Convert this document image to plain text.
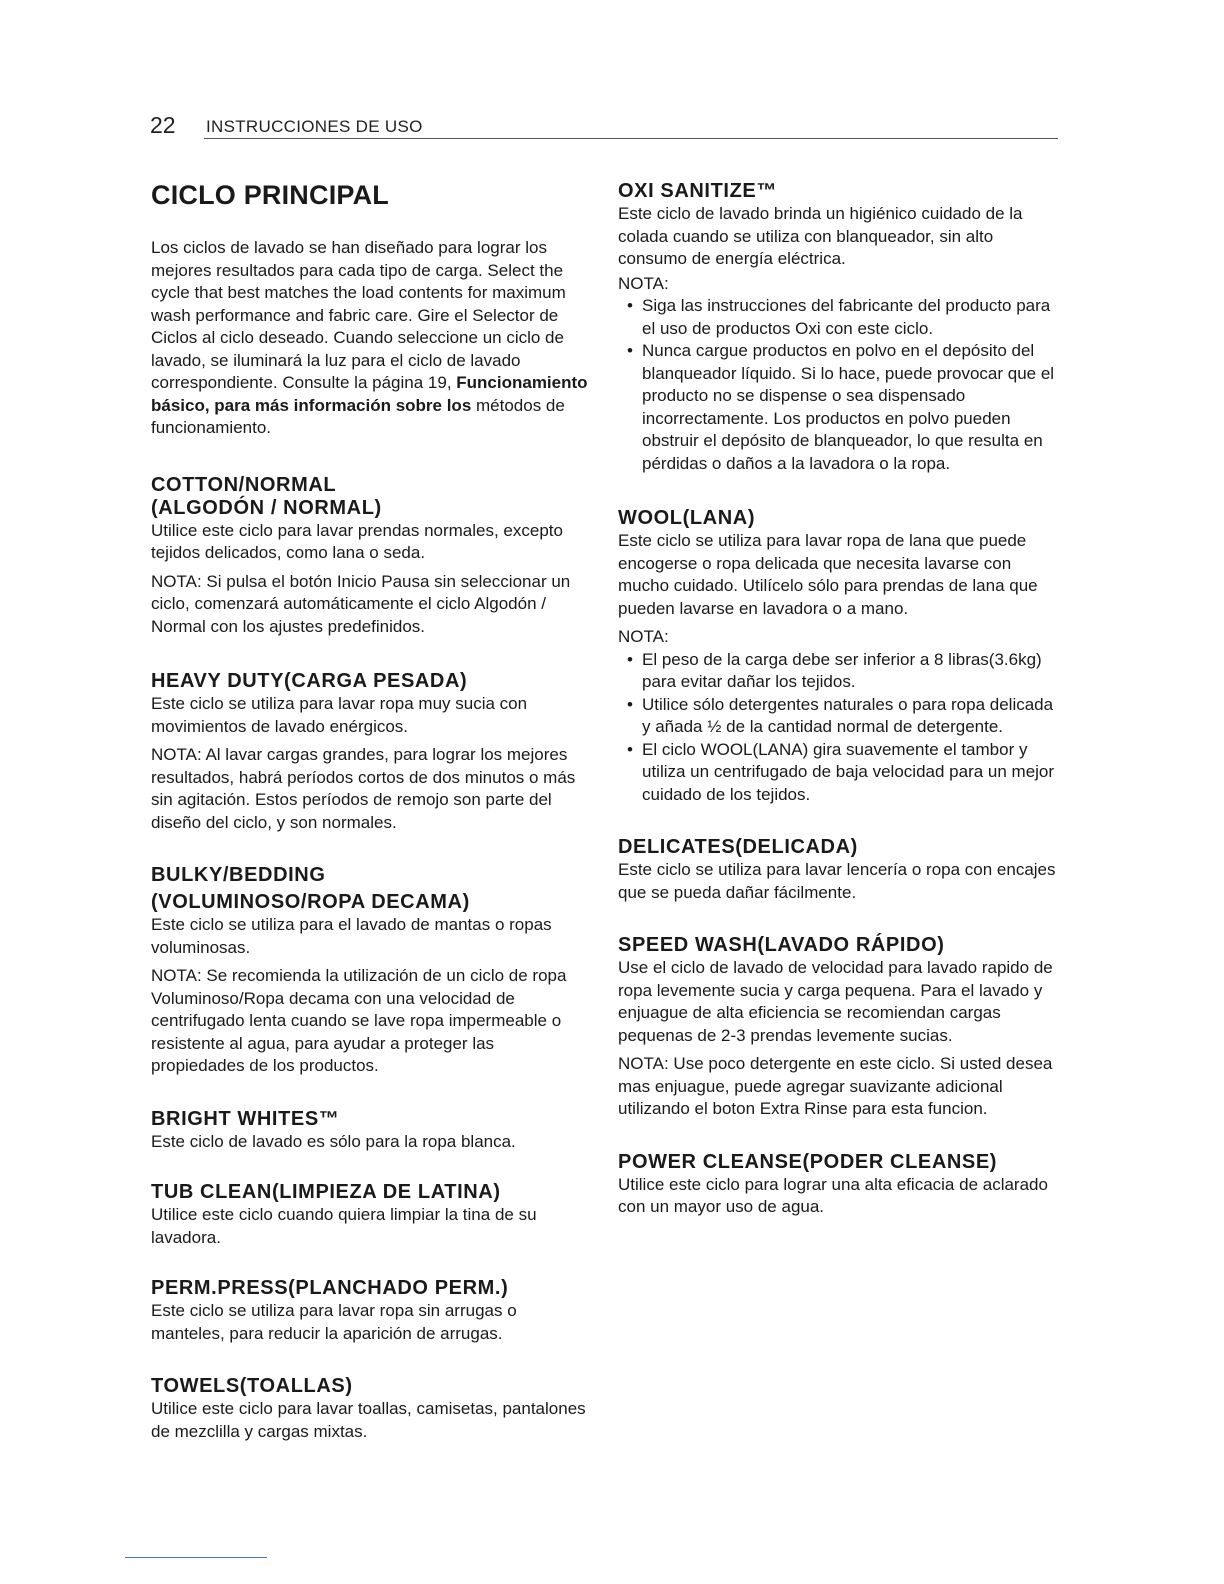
22 INSTRUCCIONES DE USO
CICLO PRINCIPAL

Los ciclos de lavado se han diseñado para lograr los mejores resultados para cada tipo de carga. Select the cycle that best matches the load contents for maximum wash performance and fabric care. Gire el Selector de Ciclos al ciclo deseado. Cuando seleccione un ciclo de lavado, se iluminará la luz para el ciclo de lavado correspondiente. Consulte la página 19, Funcionamiento básico, para más información sobre los métodos de funcionamiento.

COTTON/NORMAL
(ALGODÓN / NORMAL)

Utilice este ciclo para lavar prendas normales, excepto tejidos delicados, como lana o seda.

NOTA: Si pulsa el botón Inicio Pausa sin seleccionar un ciclo, comenzará automáticamente el ciclo Algodón / Normal con los ajustes predefinidos.

HEAVY DUTY(CARGA PESADA)

Este ciclo se utiliza para lavar ropa muy sucia con movimientos de lavado enérgicos.

NOTA: Al lavar cargas grandes, para lograr los mejores resultados, habrá períodos cortos de dos minutos o más sin agitación. Estos períodos de remojo son parte del diseño del ciclo, y son normales.

BULKY/BEDDING
(VOLUMINOSO/ROPA DECAMA)

Este ciclo se utiliza para el lavado de mantas o ropas voluminosas.

NOTA: Se recomienda la utilización de un ciclo de ropa Voluminoso/Ropa decama con una velocidad de centrifugado lenta cuando se lave ropa impermeable o resistente al agua, para ayudar a proteger las propiedades de los productos.

BRIGHT WHITES™

Este ciclo de lavado es sólo para la ropa blanca.

TUB CLEAN(LIMPIEZA DE LATINA)

Utilice este ciclo cuando quiera limpiar la tina de su lavadora.

PERM.PRESS(PLANCHADO PERM.)

Este ciclo se utiliza para lavar ropa sin arrugas o manteles, para reducir la aparición de arrugas.

TOWELS(TOALLAS)

Utilice este ciclo para lavar toallas, camisetas, pantalones de mezclilla y cargas mixtas.

OXI SANITIZE™

Este ciclo de lavado brinda un higiénico cuidado de la colada cuando se utiliza con blanqueador, sin alto consumo de energía eléctrica.

NOTA:
• Siga las instrucciones del fabricante del producto para el uso de productos Oxi con este ciclo.
• Nunca cargue productos en polvo en el depósito del blanqueador líquido. Si lo hace, puede provocar que el producto no se dispense o sea dispensado incorrectamente. Los productos en polvo pueden obstruir el depósito de blanqueador, lo que resulta en pérdidas o daños a la lavadora o la ropa.
WOOL(LANA)

Este ciclo se utiliza para lavar ropa de lana que puede encogerse o ropa delicada que necesita lavarse con mucho cuidado. Utilícelo sólo para prendas de lana que pueden lavarse en lavadora o a mano.

NOTA:
• El peso de la carga debe ser inferior a 8 libras(3.6kg) para evitar dañar los tejidos.
• Utilice sólo detergentes naturales o para ropa delicada y añada ½ de la cantidad normal de detergente.
• El ciclo WOOL(LANA) gira suavemente el tambor y utiliza un centrifugado de baja velocidad para un mejor cuidado de los tejidos.
DELICATES(DELICADA)

Este ciclo se utiliza para lavar lencería o ropa con encajes que se pueda dañar fácilmente.

SPEED WASH(LAVADO RÁPIDO)

Use el ciclo de lavado de velocidad para lavado rapido de ropa levemente sucia y carga pequena. Para el lavado y enjuague de alta eficiencia se recomiendan cargas pequenas de 2-3 prendas levemente sucias.

NOTA: Use poco detergente en este ciclo. Si usted desea mas enjuague, puede agregar suavizante adicional utilizando el boton Extra Rinse para esta funcion.

POWER CLEANSE(PODER CLEANSE)

Utilice este ciclo para lograr una alta eficacia de aclarado con un mayor uso de agua.
